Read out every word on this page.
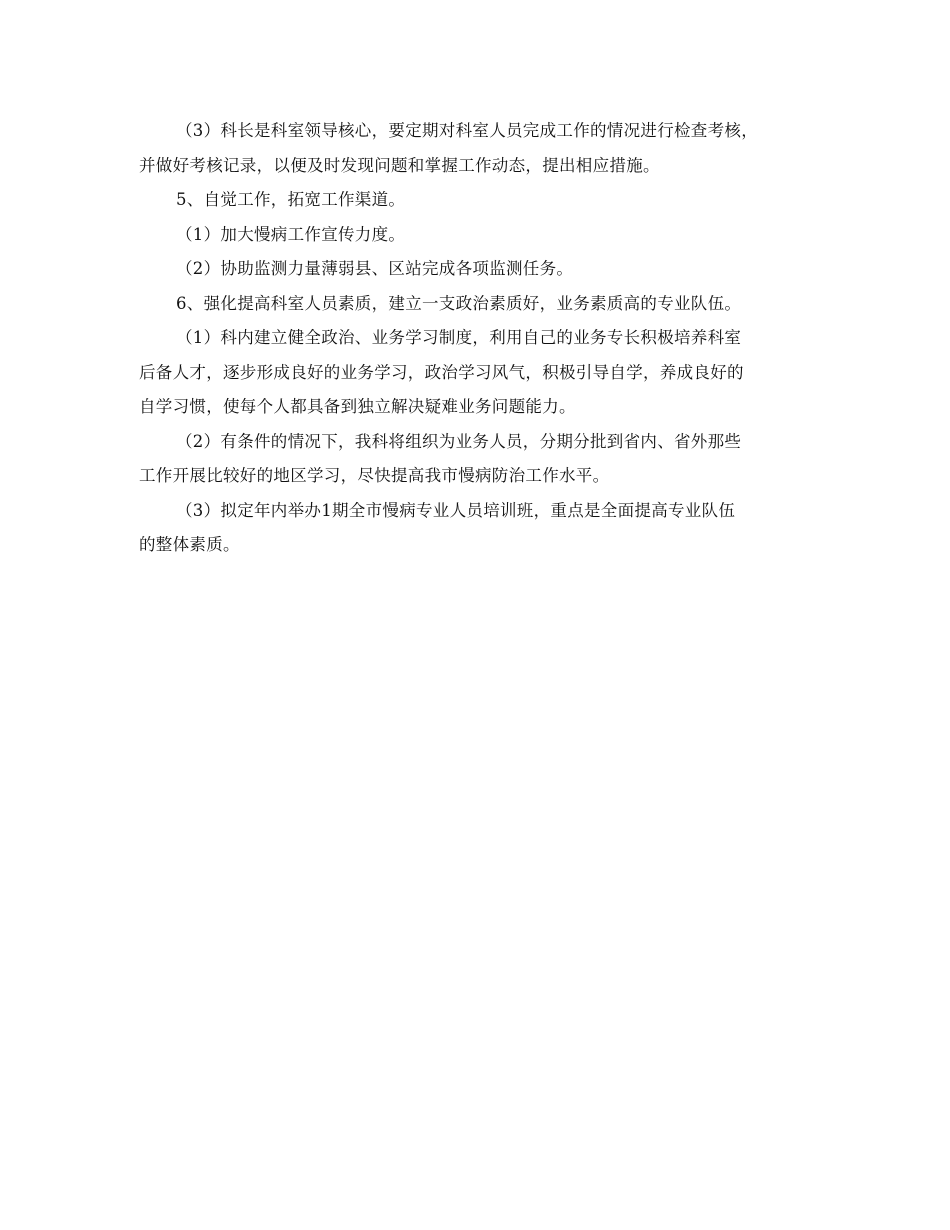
（3）科长是科室领导核心，要定期对科室人员完成工作的情况进行检查考核，
并做好考核记录，以便及时发现问题和掌握工作动态，提出相应措施。
5、自觉工作，拓宽工作渠道。
（1）加大慢病工作宣传力度。
（2）协助监测力量薄弱县、区站完成各项监测任务。
6、强化提高科室人员素质，建立一支政治素质好，业务素质高的专业队伍。
（1）科内建立健全政治、业务学习制度，利用自己的业务专长积极培养科室
后备人才，逐步形成良好的业务学习，政治学习风气，积极引导自学，养成良好的
自学习惯，使每个人都具备到独立解决疑难业务问题能力。
（2）有条件的情况下，我科将组织为业务人员，分期分批到省内、省外那些
工作开展比较好的地区学习，尽快提高我市慢病防治工作水平。
（3）拟定年内举办1期全市慢病专业人员培训班，重点是全面提高专业队伍
的整体素质。
